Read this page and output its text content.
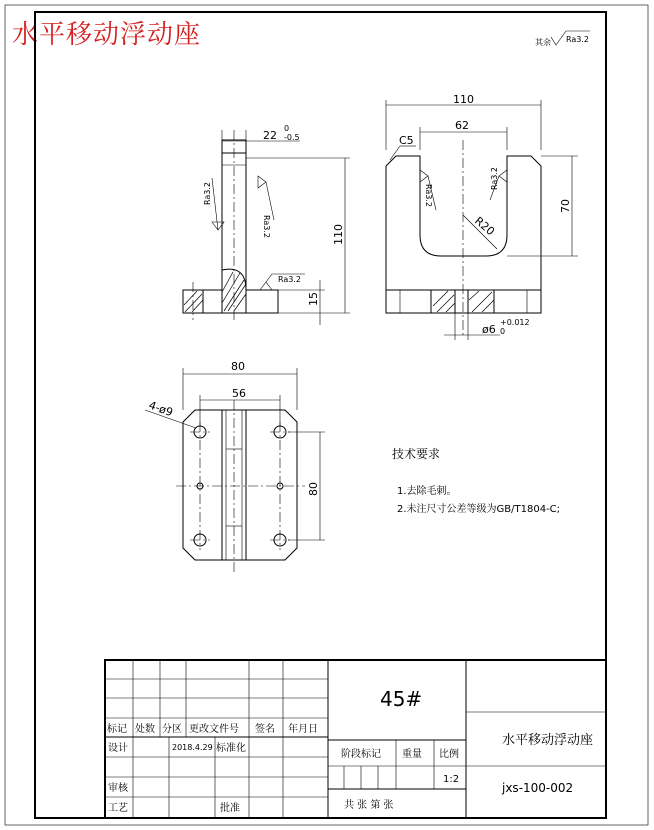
水平移动浮动座	其余 Ra3.2
22
0
-0.5
110
15
Ra3.2
Ra3.2
Ra3.2
110
62
C5
70
R20
ø6
+0.012
0
Ra3.2
Ra3.2
80
56
4-ø9
80
技术要求
1.去除毛刺。
2.未注尺寸公差等级为GB/T1804-C;
标记 处数 分区 更改文件号 签名 年月日
设计	2018.4.29 标准化
审核
工艺	批准
45#
阶段标记 重量 比例
1:2
共 张 第 张
水平移动浮动座
jxs-100-002
